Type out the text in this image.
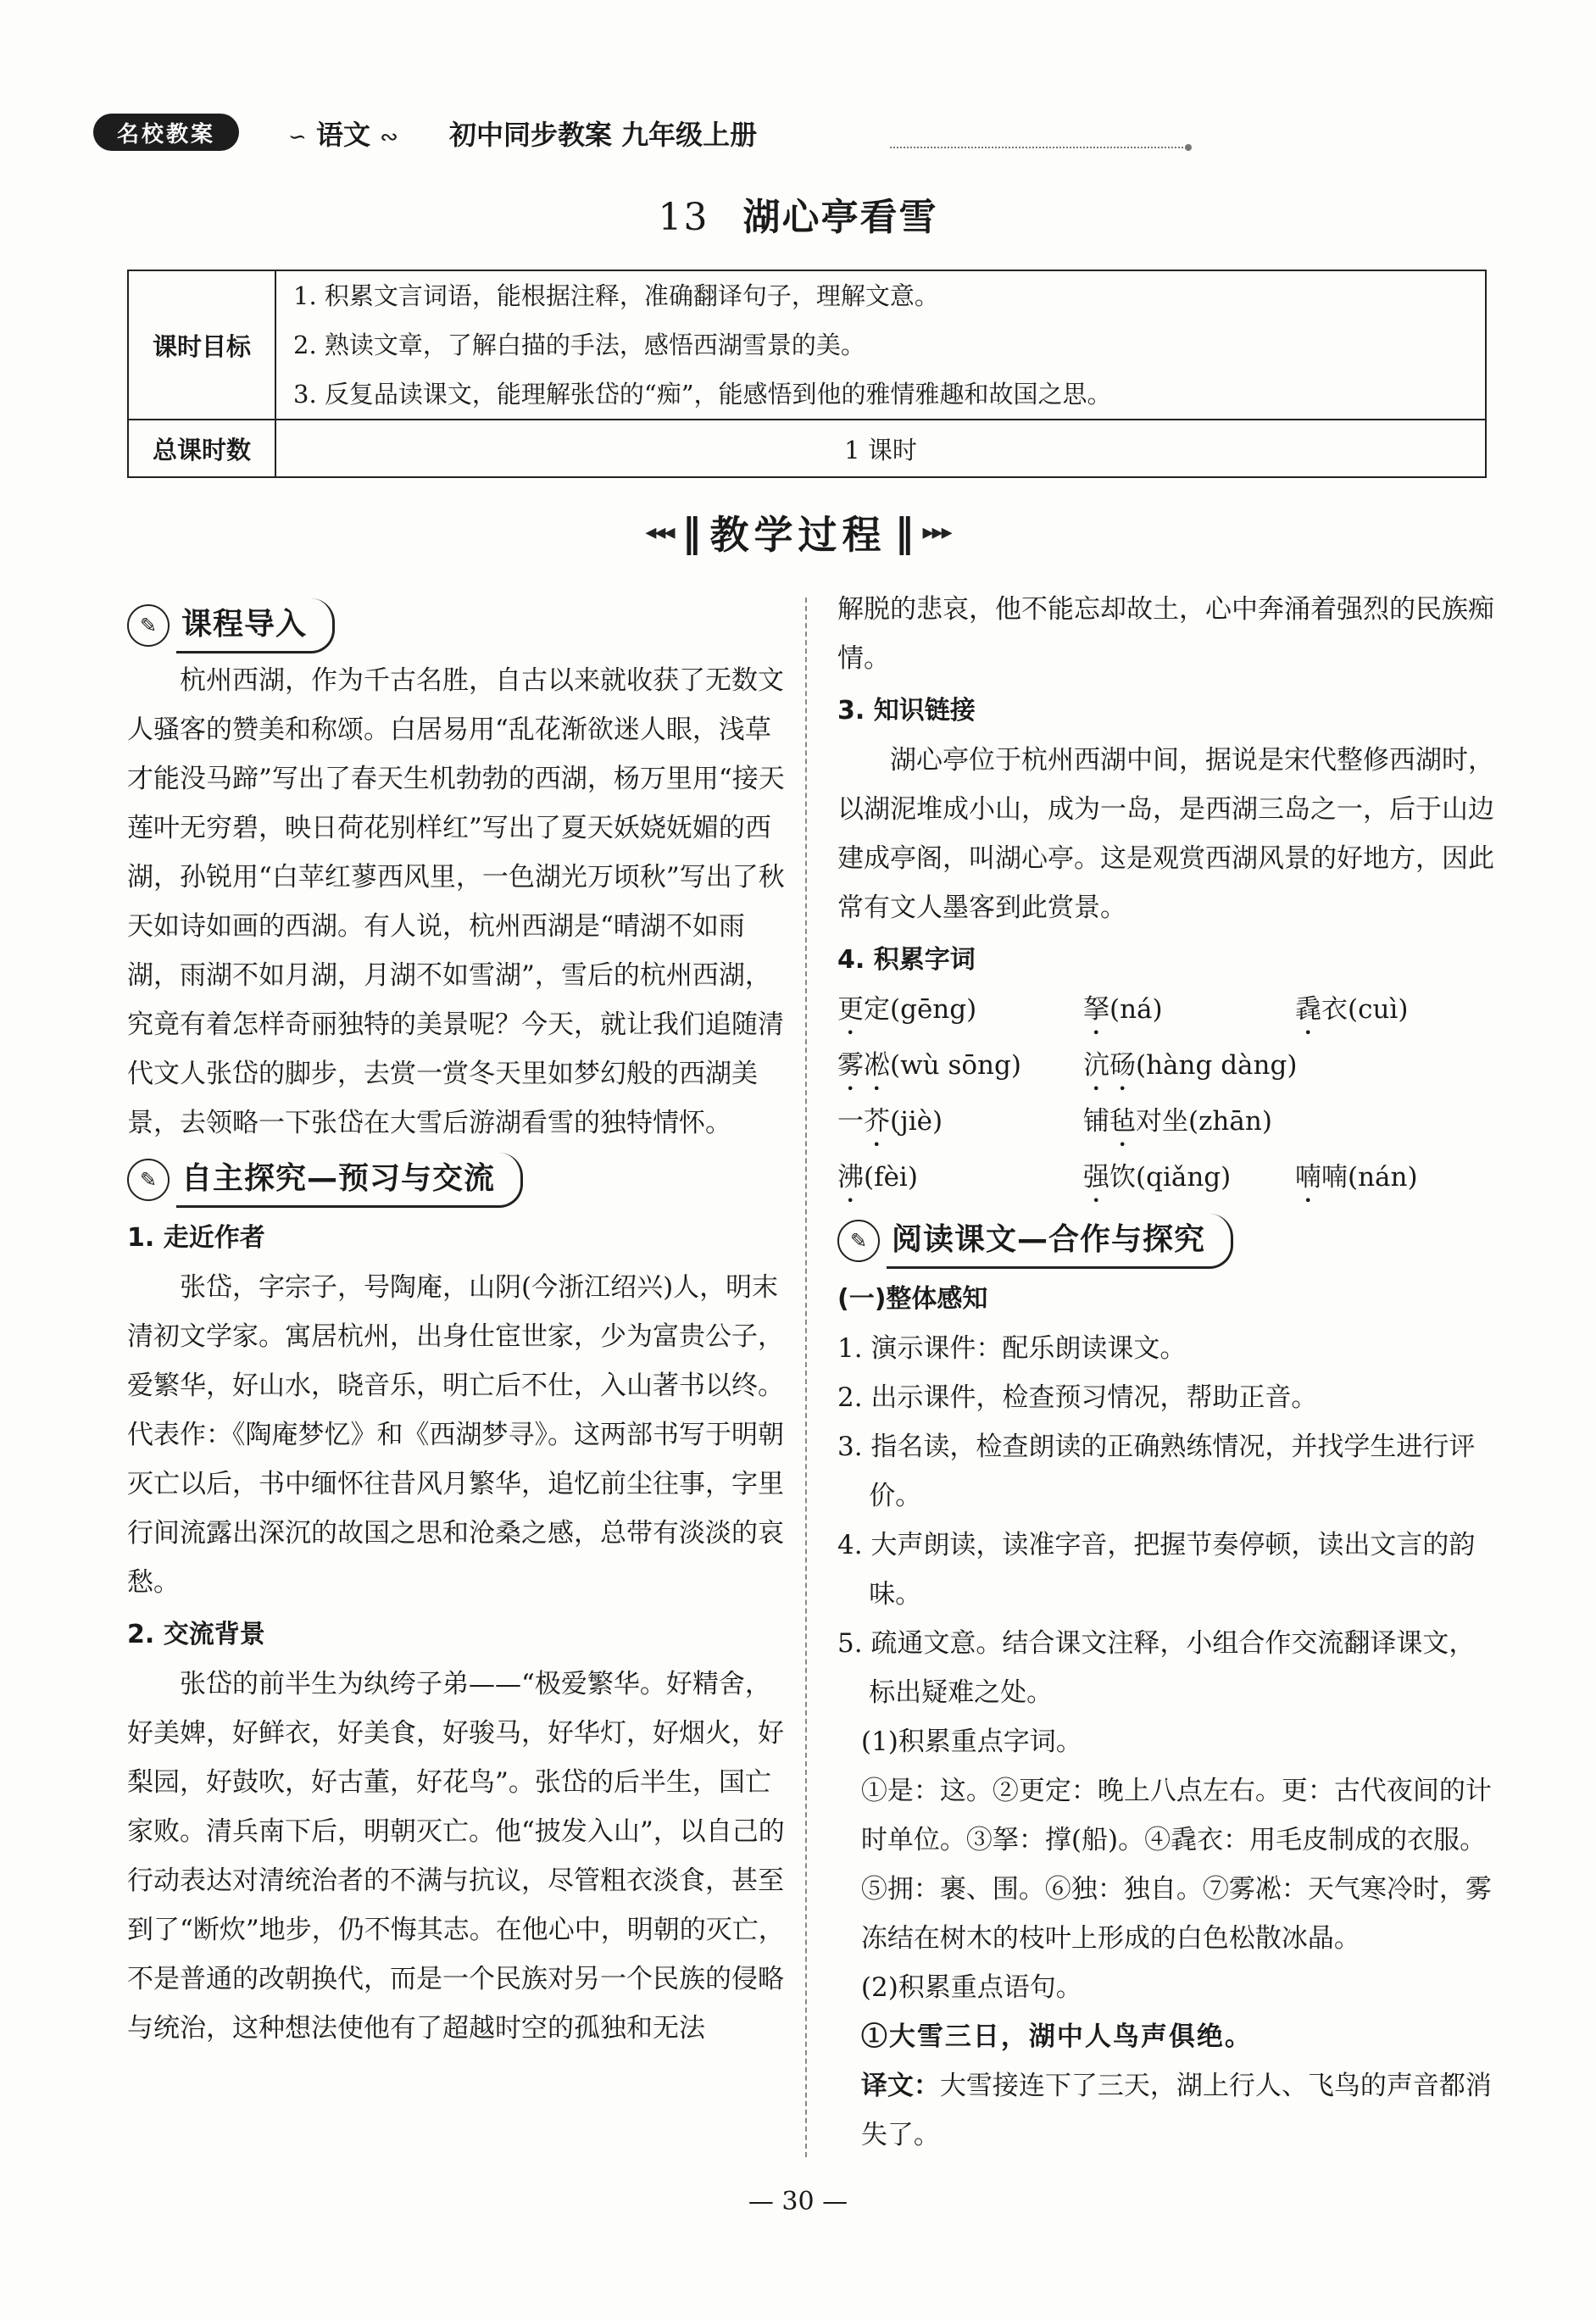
名校教案	∽ 语文 ∾ 初中同步教案 九年级上册
13 湖心亭看雪
课时目标	1. 积累文言词语，能根据注释，准确翻译句子，理解文意。
2. 熟读文章，了解白描的手法，感悟西湖雪景的美。
3. 反复品读课文，能理解张岱的“痴”，能感悟到他的雅情雅趣和故国之思。

总课时数	1 课时
◂◂◂ ‖ 教学过程 ‖ ▸▸▸
✎ 课程导入

杭州西湖，作为千古名胜，自古以来就收获了无数文人骚客的赞美和称颂。白居易用“乱花渐欲迷人眼，浅草才能没马蹄”写出了春天生机勃勃的西湖，杨万里用“接天莲叶无穷碧，映日荷花别样红”写出了夏天妖娆妩媚的西湖，孙锐用“白苹红蓼西风里，一色湖光万顷秋”写出了秋天如诗如画的西湖。有人说，杭州西湖是“晴湖不如雨湖，雨湖不如月湖，月湖不如雪湖”，雪后的杭州西湖，究竟有着怎样奇丽独特的美景呢？今天，就让我们追随清代文人张岱的脚步，去赏一赏冬天里如梦幻般的西湖美景，去领略一下张岱在大雪后游湖看雪的独特情怀。

✎ 自主探究—预习与交流

1. 走近作者

张岱，字宗子，号陶庵，山阴(今浙江绍兴)人，明末清初文学家。寓居杭州，出身仕宦世家，少为富贵公子，爱繁华，好山水，晓音乐，明亡后不仕，入山著书以终。代表作：《陶庵梦忆》和《西湖梦寻》。这两部书写于明朝灭亡以后，书中缅怀往昔风月繁华，追忆前尘往事，字里行间流露出深沉的故国之思和沧桑之感，总带有淡淡的哀愁。

2. 交流背景

张岱的前半生为纨绔子弟——“极爱繁华。好精舍，好美婢，好鲜衣，好美食，好骏马，好华灯，好烟火，好梨园，好鼓吹，好古董，好花鸟”。张岱的后半生，国亡家败。清兵南下后，明朝灭亡。他“披发入山”，以自己的行动表达对清统治者的不满与抗议，尽管粗衣淡食，甚至到了“断炊”地步，仍不悔其志。在他心中，明朝的灭亡，不是普通的改朝换代，而是一个民族对另一个民族的侵略与统治，这种想法使他有了超越时空的孤独和无法

解脱的悲哀，他不能忘却故土，心中奔涌着强烈的民族痴情。

3. 知识链接

湖心亭位于杭州西湖中间，据说是宋代整修西湖时，以湖泥堆成小山，成为一岛，是西湖三岛之一，后于山边建成亭阁，叫湖心亭。这是观赏西湖风景的好地方，因此常有文人墨客到此赏景。

4. 积累字词

更定(gēng)	拏(ná)	毳衣(cuì)
雾凇(wù sōng)	沆砀(hàng dàng)
一芥(jiè)	铺毡对坐(zhān)
沸(fèi)	强饮(qiǎng)	喃喃(nán)
✎ 阅读课文—合作与探究

(一)整体感知

1. 演示课件：配乐朗读课文。

2. 出示课件，检查预习情况，帮助正音。

3. 指名读，检查朗读的正确熟练情况，并找学生进行评价。

4. 大声朗读，读准字音，把握节奏停顿，读出文言的韵味。

5. 疏通文意。结合课文注释，小组合作交流翻译课文，标出疑难之处。

(1)积累重点字词。

①是：这。②更定：晚上八点左右。更：古代夜间的计时单位。③拏：撑(船)。④毳衣：用毛皮制成的衣服。⑤拥：裹、围。⑥独：独自。⑦雾凇：天气寒冷时，雾冻结在树木的枝叶上形成的白色松散冰晶。

(2)积累重点语句。

①大雪三日，湖中人鸟声俱绝。

译文：大雪接连下了三天，湖上行人、飞鸟的声音都消失了。

— 30 —
